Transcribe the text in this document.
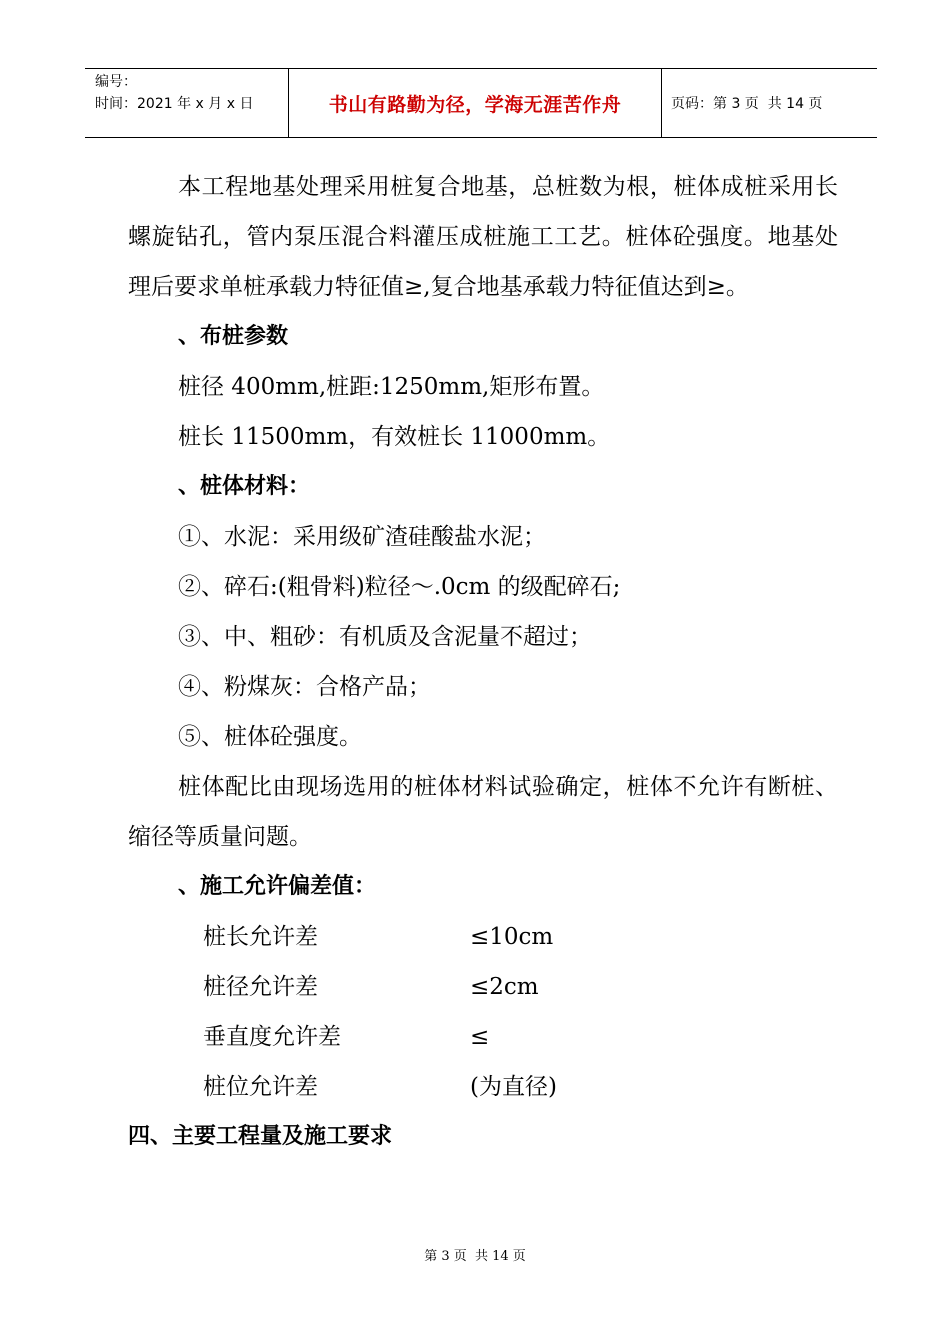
编号：
时间：2021 年 x 月 x 日	书山有路勤为径，学海无涯苦作舟	页码：第 3 页  共 14 页

本工程地基处理采用桩复合地基，总桩数为根，桩体成桩采用长螺旋钻孔，管内泵压混合料灌压成桩施工工艺。桩体砼强度。地基处理后要求单桩承载力特征值≥,复合地基承载力特征值达到≥。

、布桩参数

桩径 400mm,桩距:1250mm,矩形布置。

桩长 11500mm，有效桩长 11000mm。

、桩体材料：

①、水泥：采用级矿渣硅酸盐水泥；

②、碎石:(粗骨料)粒径～.0cm 的级配碎石;

③、中、粗砂：有机质及含泥量不超过；

④、粉煤灰：合格产品；

⑤、桩体砼强度。

桩体配比由现场选用的桩体材料试验确定，桩体不允许有断桩、缩径等质量问题。

、施工允许偏差值：

桩长允许差	≤10cm
桩径允许差	≤2cm
垂直度允许差	≤
桩位允许差	(为直径)

四、主要工程量及施工要求

第 3 页  共 14 页
